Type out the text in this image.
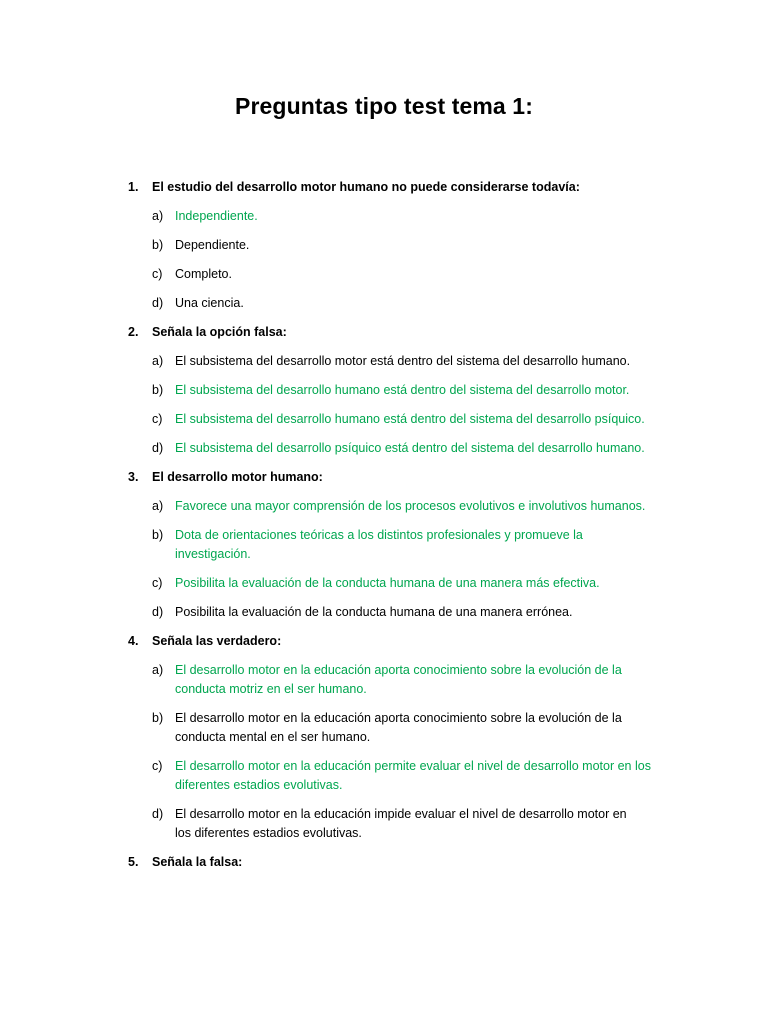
Preguntas tipo test tema 1:
1. El estudio del desarrollo motor humano no puede considerarse todavía:
a) Independiente.
b) Dependiente.
c) Completo.
d) Una ciencia.
2. Señala la opción falsa:
a) El subsistema del desarrollo motor está dentro del sistema del desarrollo humano.
b) El subsistema del desarrollo humano está dentro del sistema del desarrollo motor.
c) El subsistema del desarrollo humano está dentro del sistema del desarrollo psíquico.
d) El subsistema del desarrollo psíquico está dentro del sistema del desarrollo humano.
3. El desarrollo motor humano:
a) Favorece una mayor comprensión de los procesos evolutivos e involutivos humanos.
b) Dota de orientaciones teóricas a los distintos profesionales y promueve la investigación.
c) Posibilita la evaluación de la conducta humana de una manera más efectiva.
d) Posibilita la evaluación de la conducta humana de una manera errónea.
4. Señala las verdadero:
a) El desarrollo motor en la educación aporta conocimiento sobre la evolución de la conducta motriz en el ser humano.
b) El desarrollo motor en la educación aporta conocimiento sobre la evolución de la conducta mental en el ser humano.
c) El desarrollo motor en la educación permite evaluar el nivel de desarrollo motor en los diferentes estadios evolutivas.
d) El desarrollo motor en la educación impide evaluar el nivel de desarrollo motor en los diferentes estadios evolutivas.
5. Señala la falsa:
